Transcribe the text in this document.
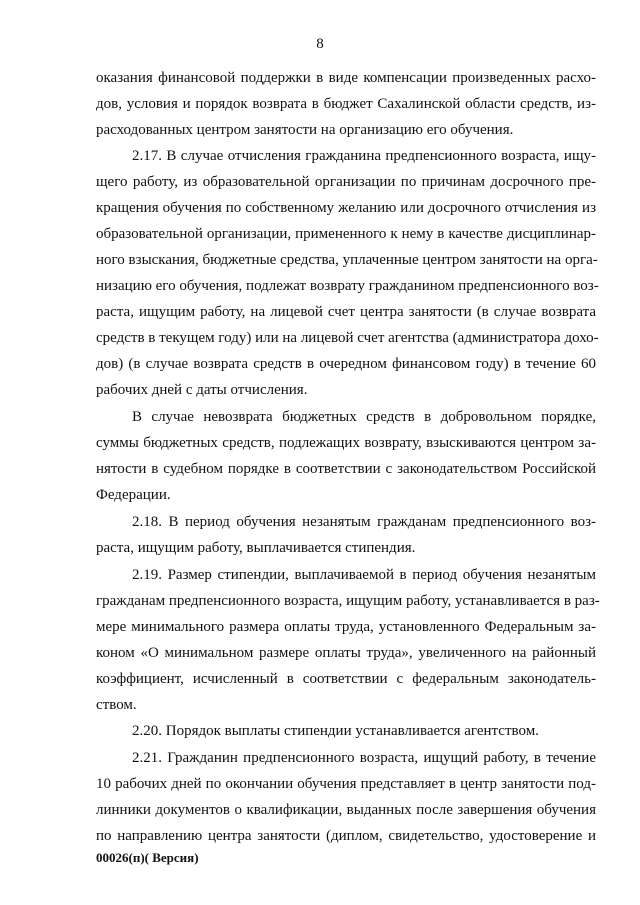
8
оказания финансовой поддержки в виде компенсации произведенных расхо-
дов, условия и порядок возврата в бюджет Сахалинской области средств, из-
расходованных центром занятости на организацию его обучения.
2.17. В случае отчисления гражданина предпенсионного возраста, ищу-
щего работу, из образовательной организации по причинам досрочного пре-
кращения обучения по собственному желанию или досрочного отчисления из
образовательной организации, примененного к нему в качестве дисциплинар-
ного взыскания, бюджетные средства, уплаченные центром занятости на орга-
низацию его обучения, подлежат возврату гражданином предпенсионного воз-
раста, ищущим работу, на лицевой счет центра занятости (в случае возврата
средств в текущем году) или на лицевой счет агентства (администратора дохо-
дов) (в случае возврата средств в очередном финансовом году) в течение 60
рабочих дней с даты отчисления.
В случае невозврата бюджетных средств в добровольном порядке,
суммы бюджетных средств, подлежащих возврату, взыскиваются центром за-
нятости в судебном порядке в соответствии с законодательством Российской
Федерации.
2.18. В период обучения незанятым гражданам предпенсионного воз-
раста, ищущим работу, выплачивается стипендия.
2.19. Размер стипендии, выплачиваемой в период обучения незанятым
гражданам предпенсионного возраста, ищущим работу, устанавливается в раз-
мере минимального размера оплаты труда, установленного Федеральным за-
коном «О минимальном размере оплаты труда», увеличенного на районный
коэффициент, исчисленный в соответствии с федеральным законодатель-
ством.
2.20. Порядок выплаты стипендии устанавливается агентством.
2.21. Гражданин предпенсионного возраста, ищущий работу, в течение
10 рабочих дней по окончании обучения представляет в центр занятости под-
линники документов о квалификации, выданных после завершения обучения
по направлению центра занятости (диплом, свидетельство, удостоверение и
00026(п)( Версия)
